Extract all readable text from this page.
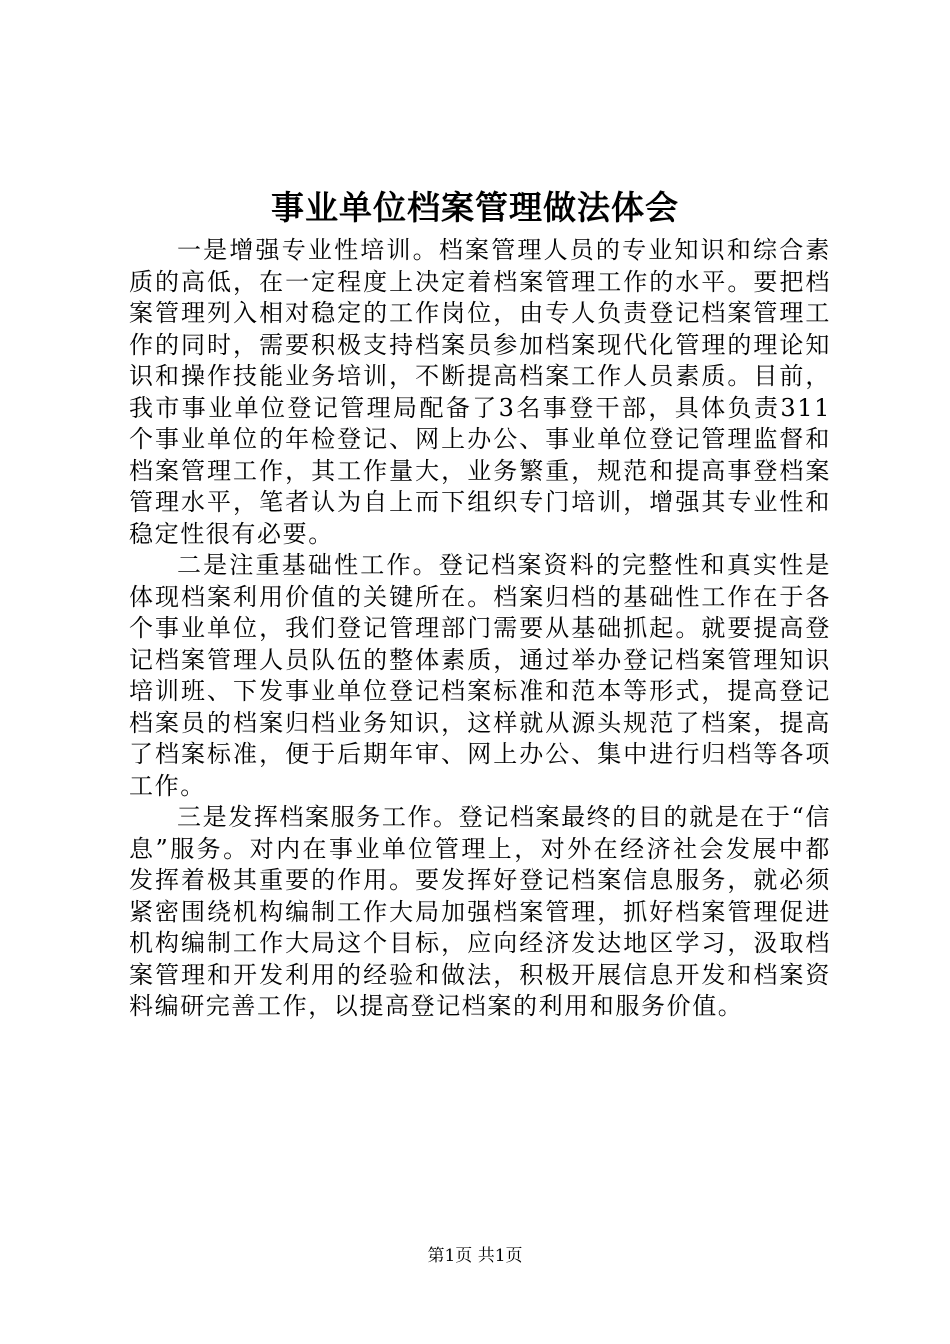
事业单位档案管理做法体会

一是增强专业性培训。档案管理人员的专业知识和综合素质的高低，在一定程度上决定着档案管理工作的水平。要把档案管理列入相对稳定的工作岗位，由专人负责登记档案管理工作的同时，需要积极支持档案员参加档案现代化管理的理论知识和操作技能业务培训，不断提高档案工作人员素质。目前，我市事业单位登记管理局配备了3名事登干部，具体负责311个事业单位的年检登记、网上办公、事业单位登记管理监督和档案管理工作，其工作量大，业务繁重，规范和提高事登档案管理水平，笔者认为自上而下组织专门培训，增强其专业性和稳定性很有必要。

二是注重基础性工作。登记档案资料的完整性和真实性是体现档案利用价值的关键所在。档案归档的基础性工作在于各个事业单位，我们登记管理部门需要从基础抓起。就要提高登记档案管理人员队伍的整体素质，通过举办登记档案管理知识培训班、下发事业单位登记档案标准和范本等形式，提高登记档案员的档案归档业务知识，这样就从源头规范了档案，提高了档案标准，便于后期年审、网上办公、集中进行归档等各项工作。

三是发挥档案服务工作。登记档案最终的目的就是在于“信息”服务。对内在事业单位管理上，对外在经济社会发展中都发挥着极其重要的作用。要发挥好登记档案信息服务，就必须紧密围绕机构编制工作大局加强档案管理，抓好档案管理促进机构编制工作大局这个目标，应向经济发达地区学习，汲取档案管理和开发利用的经验和做法，积极开展信息开发和档案资料编研完善工作，以提高登记档案的利用和服务价值。

第1页 共1页
